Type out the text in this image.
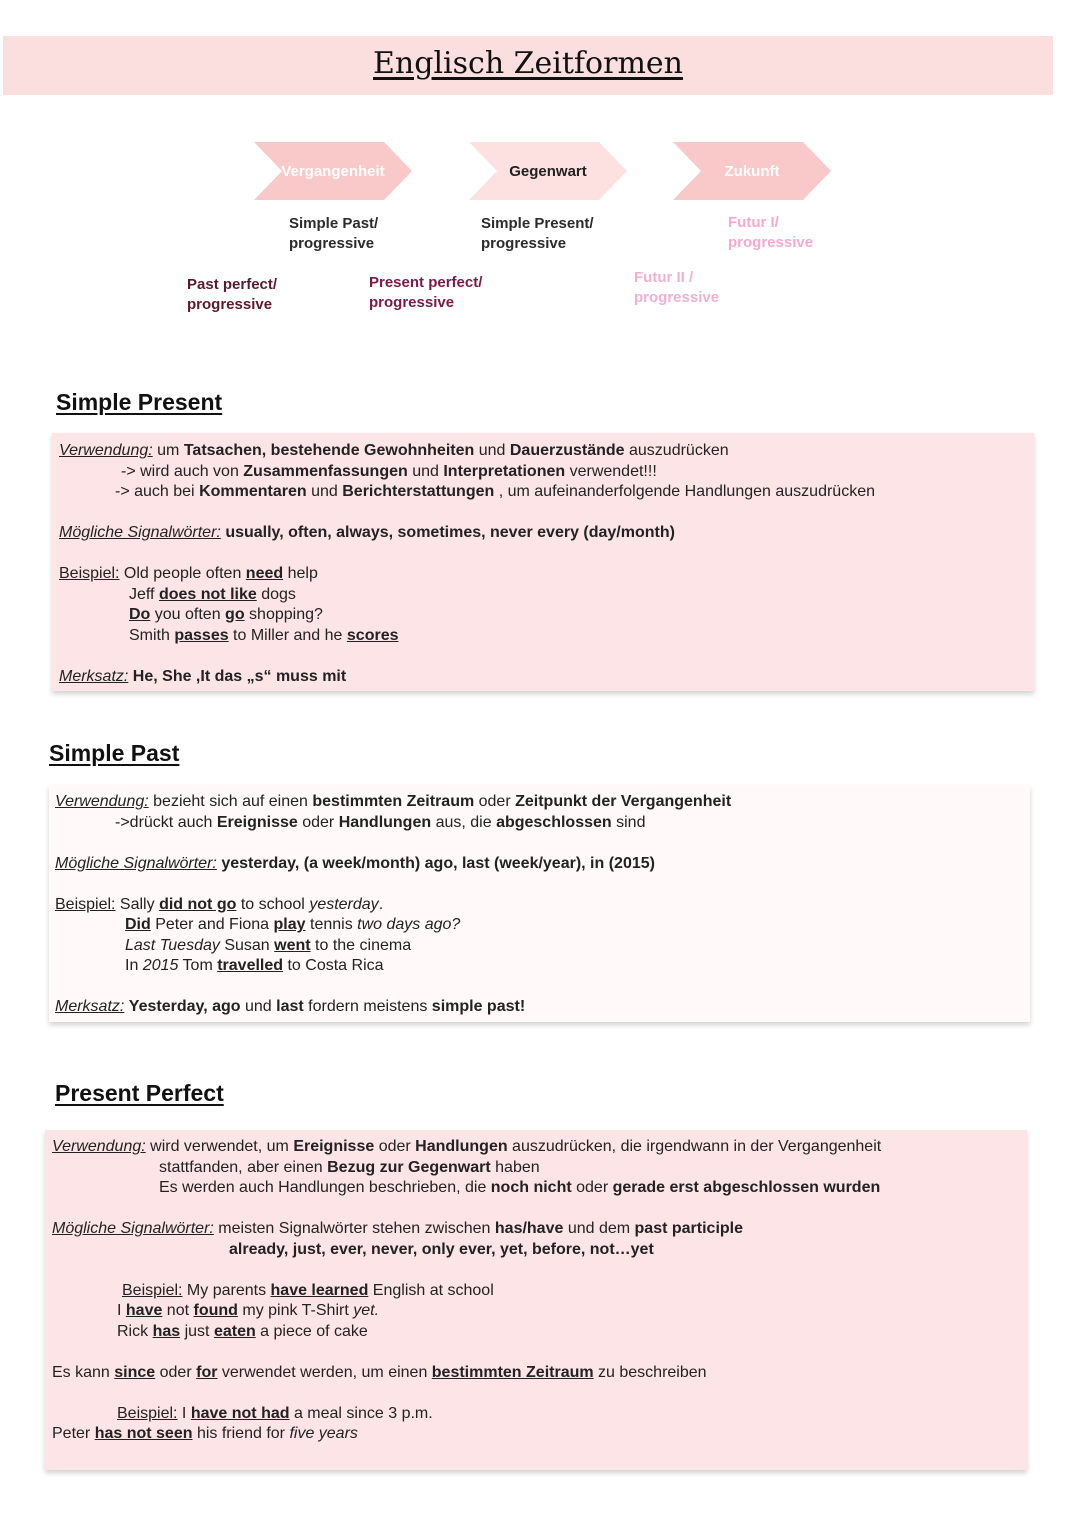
Englisch Zeitformen
Vergangenheit	Gegenwart	Zukunft
Simple Past/
progressive
Simple Present/
progressive
Futur I/
progressive
Past perfect/
progressive
Present perfect/
progressive
Futur II /
progressive
Simple Present
Verwendung: um Tatsachen, bestehende Gewohnheiten und Dauerzustände auszudrücken
-> wird auch von Zusammenfassungen und Interpretationen verwendet!!!
-> auch bei Kommentaren und Berichterstattungen , um aufeinanderfolgende Handlungen auszudrücken
Mögliche Signalwörter: usually, often, always, sometimes, never every (day/month)
Beispiel: Old people often need help
Jeff does not like dogs
Do you often go shopping?
Smith passes to Miller and he scores
Merksatz: He, She ,It das „s“ muss mit
Simple Past
Verwendung: bezieht sich auf einen bestimmten Zeitraum oder Zeitpunkt der Vergangenheit
->drückt auch Ereignisse oder Handlungen aus, die abgeschlossen sind
Mögliche Signalwörter: yesterday, (a week/month) ago, last (week/year), in (2015)
Beispiel: Sally did not go to school yesterday.
Did Peter and Fiona play tennis two days ago?
Last Tuesday Susan went to the cinema
In 2015 Tom travelled to Costa Rica
Merksatz: Yesterday, ago und last fordern meistens simple past!
Present Perfect
Verwendung: wird verwendet, um Ereignisse oder Handlungen auszudrücken, die irgendwann in der Vergangenheit
stattfanden, aber einen Bezug zur Gegenwart haben
Es werden auch Handlungen beschrieben, die noch nicht oder gerade erst abgeschlossen wurden
Mögliche Signalwörter: meisten Signalwörter stehen zwischen has/have und dem past participle
already, just, ever, never, only ever, yet, before, not…yet
Beispiel: My parents have learned English at school
I have not found my pink T-Shirt yet.
Rick has just eaten a piece of cake
Es kann since oder for verwendet werden, um einen bestimmten Zeitraum zu beschreiben
Beispiel: I have not had a meal since 3 p.m.
Peter has not seen his friend for five years
